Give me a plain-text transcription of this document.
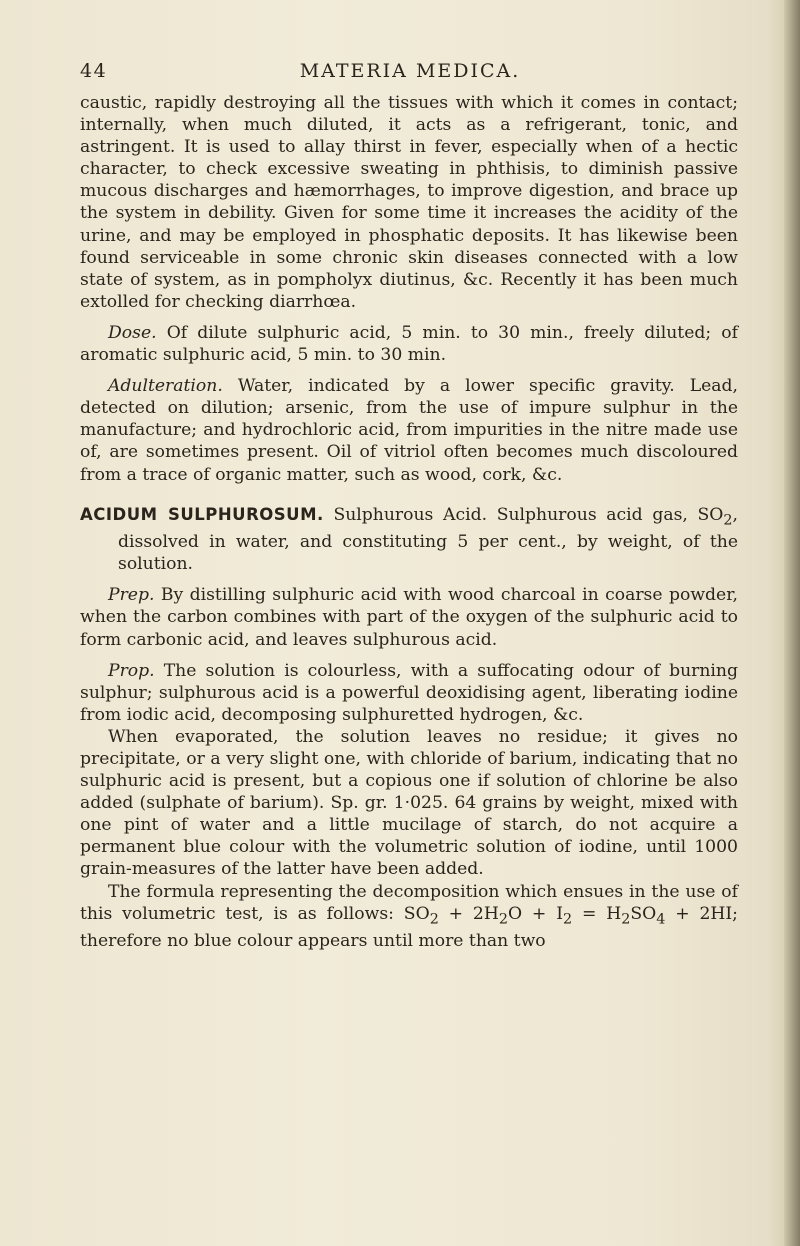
44	MATERIA MEDICA.

caustic, rapidly destroying all the tissues with which it comes in contact; internally, when much diluted, it acts as a refrigerant, tonic, and astringent. It is used to allay thirst in fever, especially when of a hectic character, to check excessive sweating in phthisis, to diminish passive mucous discharges and hæmorrhages, to improve digestion, and brace up the system in debility. Given for some time it increases the acidity of the urine, and may be employed in phosphatic deposits. It has likewise been found serviceable in some chronic skin diseases connected with a low state of system, as in pompholyx diutinus, &c. Recently it has been much extolled for checking diarrhœa.

Dose. Of dilute sulphuric acid, 5 min. to 30 min., freely diluted; of aromatic sulphuric acid, 5 min. to 30 min.

Adulteration. Water, indicated by a lower specific gravity. Lead, detected on dilution; arsenic, from the use of impure sulphur in the manufacture; and hydrochloric acid, from impurities in the nitre made use of, are sometimes present. Oil of vitriol often becomes much discoloured from a trace of organic matter, such as wood, cork, &c.

ACIDUM SULPHUROSUM. Sulphurous Acid. Sulphurous acid gas, $SO_2$, dissolved in water, and constituting 5 per cent., by weight, of the solution.

Prep. By distilling sulphuric acid with wood charcoal in coarse powder, when the carbon combines with part of the oxygen of the sulphuric acid to form carbonic acid, and leaves sulphurous acid.

Prop. The solution is colourless, with a suffocating odour of burning sulphur; sulphurous acid is a powerful deoxidising agent, liberating iodine from iodic acid, decomposing sulphuretted hydrogen, &c.

When evaporated, the solution leaves no residue; it gives no precipitate, or a very slight one, with chloride of barium, indicating that no sulphuric acid is present, but a copious one if solution of chlorine be also added (sulphate of barium). Sp. gr. 1·025. 64 grains by weight, mixed with one pint of water and a little mucilage of starch, do not acquire a permanent blue colour with the volumetric solution of iodine, until 1000 grain-measures of the latter have been added.

The formula representing the decomposition which ensues in the use of this volumetric test, is as follows: $SO_2 + 2H_2O + I_2 = H_2SO_4 + 2HI$; therefore no blue colour appears until more than two
